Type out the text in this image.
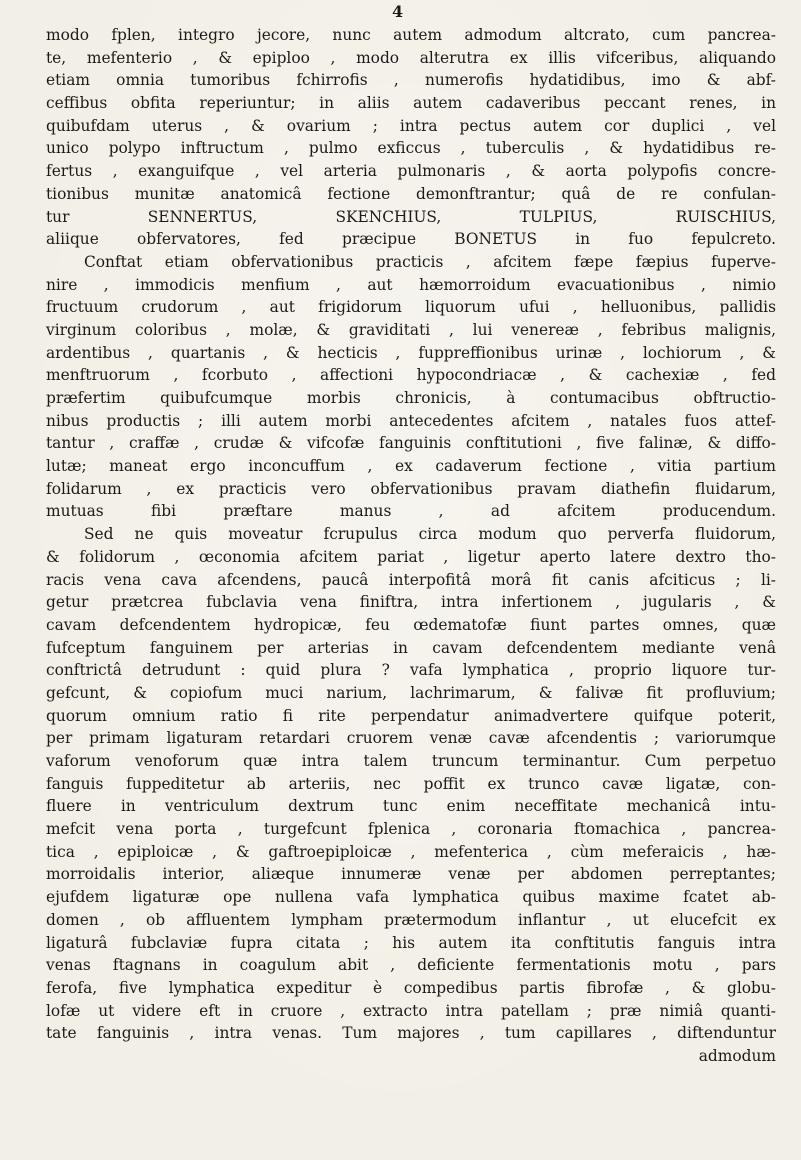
4
modo fplen, integro jecore, nunc autem admodum altcrato, cum pancrea-
te, mefenterio , & epiploo , modo alterutra ex illis vifceribus, aliquando
etiam omnia tumoribus fchirrofis , numerofis hydatidibus, imo & abf-
ceffibus obfita reperiuntur; in aliis autem cadaveribus peccant renes, in
quibufdam uterus , & ovarium ; intra pectus autem cor duplici , vel
unico polypo inftructum , pulmo exficcus , tuberculis , & hydatidibus re-
fertus , exanguifque , vel arteria pulmonaris , & aorta polypofis concre-
tionibus munitæ anatomicâ fectione demonftrantur; quâ de re confulan-
tur SENNERTUS, SKENCHIUS, TULPIUS, RUISCHIUS,
aliique obfervatores, fed præcipue BONETUS in fuo fepulcreto.
Conftat etiam obfervationibus practicis , afcitem fæpe fæpius fuperve-
nire , immodicis menfium , aut hæmorroidum evacuationibus , nimio
fructuum crudorum , aut frigidorum liquorum ufui , helluonibus, pallidis
virginum coloribus , molæ, & graviditati , lui venereæ , febribus malignis,
ardentibus , quartanis , & hecticis , fuppreffionibus urinæ , lochiorum , &
menftruorum , fcorbuto , affectioni hypocondriacæ , & cachexiæ , fed
præfertim quibufcumque morbis chronicis, à contumacibus obftructio-
nibus productis ; illi autem morbi antecedentes afcitem , natales fuos attef-
tantur , craffæ , crudæ & vifcofæ fanguinis conftitutioni , five falinæ, & diffo-
lutæ; maneat ergo inconcuffum , ex cadaverum fectione , vitia partium
folidarum , ex practicis vero obfervationibus pravam diathefin fluidarum,
mutuas fibi præftare manus , ad afcitem producendum.
Sed ne quis moveatur fcrupulus circa modum quo perverfa fluidorum,
& folidorum , œconomia afcitem pariat , ligetur aperto latere dextro tho-
racis vena cava afcendens, paucâ interpofitâ morâ fit canis afciticus ; li-
getur prætcrea fubclavia vena finiftra, intra infertionem , jugularis , &
cavam defcendentem hydropicæ, feu œdematofæ fiunt partes omnes, quæ
fufceptum fanguinem per arterias in cavam defcendentem mediante venâ
conftrictâ detrudunt : quid plura ? vafa lymphatica , proprio liquore tur-
gefcunt, & copiofum muci narium, lachrimarum, & falivæ fit profluvium;
quorum omnium ratio fi rite perpendatur animadvertere quifque poterit,
per primam ligaturam retardari cruorem venæ cavæ afcendentis ; variorumque
vaforum venoforum quæ intra talem truncum terminantur. Cum perpetuo
fanguis fuppeditetur ab arteriis, nec poffit ex trunco cavæ ligatæ, con-
fluere in ventriculum dextrum tunc enim neceffitate mechanicâ intu-
mefcit vena porta , turgefcunt fplenica , coronaria ftomachica , pancrea-
tica , epiploicæ , & gaftroepiploicæ , mefenterica , cùm meferaicis , hæ-
morroidalis interior, aliæque innumeræ venæ per abdomen perreptantes;
ejufdem ligaturæ ope nullena vafa lymphatica quibus maxime fcatet ab-
domen , ob affluentem lympham prætermodum inflantur , ut elucefcit ex
ligaturâ fubclaviæ fupra citata ; his autem ita conftitutis fanguis intra
venas ftagnans in coagulum abit , deficiente fermentationis motu , pars
ferofa, five lymphatica expeditur è compedibus partis fibrofæ , & globu-
lofæ ut videre eft in cruore , extracto intra patellam ; præ nimiâ quanti-
tate fanguinis , intra venas. Tum majores , tum capillares , diftenduntur
admodum
